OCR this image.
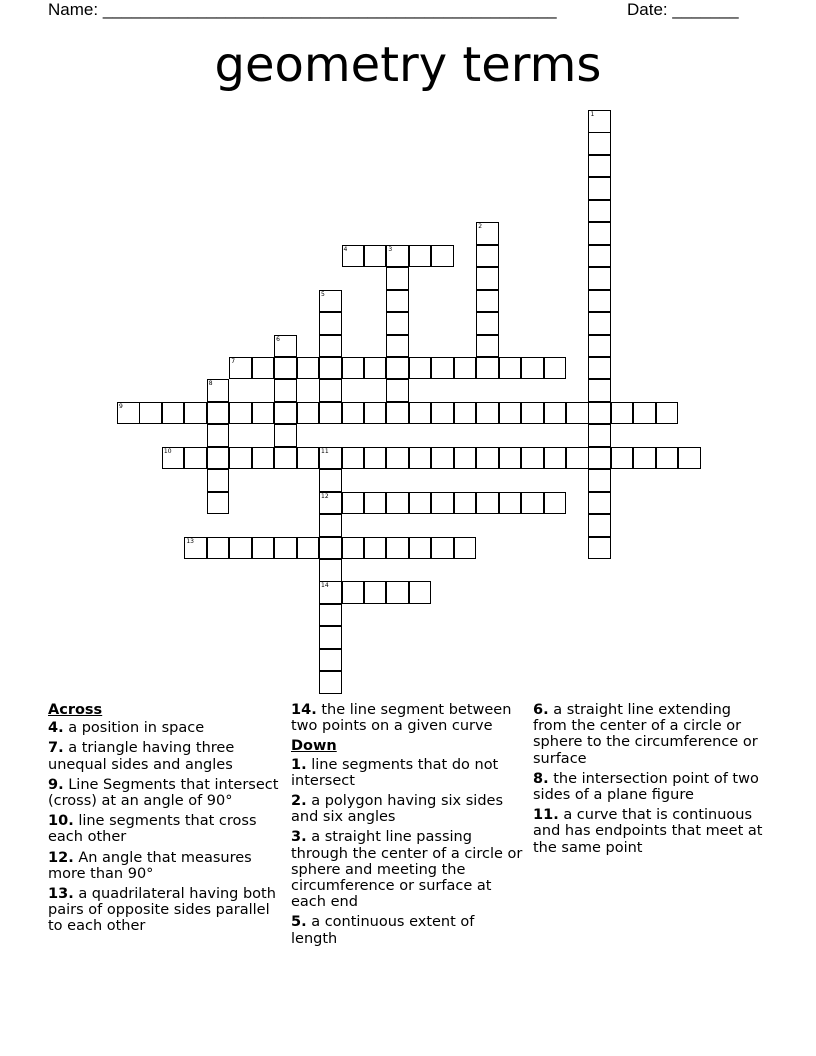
Name: ________________________________________________	Date: _______
geometry terms
4	3
7
9
10	11
12
13
14
1
2
5
6
8
Across
4. a position in space
7. a triangle having three unequal sides and angles
9. Line Segments that intersect (cross) at an angle of 90°
10. line segments that cross each other
12. An angle that measures more than 90°
13. a quadrilateral having both pairs of opposite sides parallel to each other
14. the line segment between two points on a given curve
Down
1. line segments that do not intersect
2. a polygon having six sides and six angles
3. a straight line passing through the center of a circle or sphere and meeting the circumference or surface at each end
5. a continuous extent of length
6. a straight line extending from the center of a circle or sphere to the circumference or surface
8. the intersection point of two sides of a plane figure
11. a curve that is continuous and has endpoints that meet at the same point
